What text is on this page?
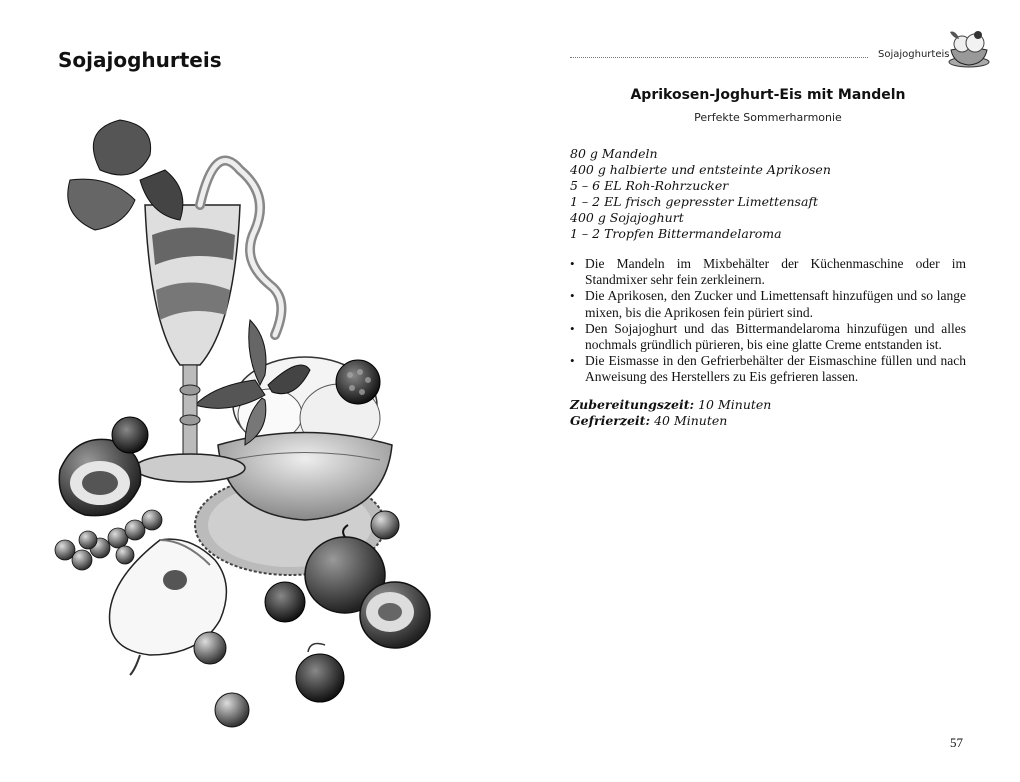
Sojajoghurteis	Sojajoghurteis
Aprikosen-Joghurt-Eis mit Mandeln
Perfekte Sommerharmonie
80 g Mandeln
400 g halbierte und entsteinte Aprikosen
5 – 6 EL Roh-Rohrzucker
1 – 2 EL frisch gepresster Limettensaft
400 g Sojajoghurt
1 – 2 Tropfen Bittermandelaroma
• Die Mandeln im Mixbehälter der Küchenmaschine oder im Standmixer sehr fein zerkleinern.
• Die Aprikosen, den Zucker und Limettensaft hinzufügen und so lange mixen, bis die Aprikosen fein püriert sind.
• Den Sojajoghurt und das Bittermandelaroma hinzufügen und alles nochmals gründlich pürieren, bis eine glatte Creme entstanden ist.
• Die Eismasse in den Gefrierbehälter der Eismaschine füllen und nach Anweisung des Herstellers zu Eis gefrieren lassen.
Zubereitungszeit: 10 Minuten
Gefrierzeit: 40 Minuten
57
